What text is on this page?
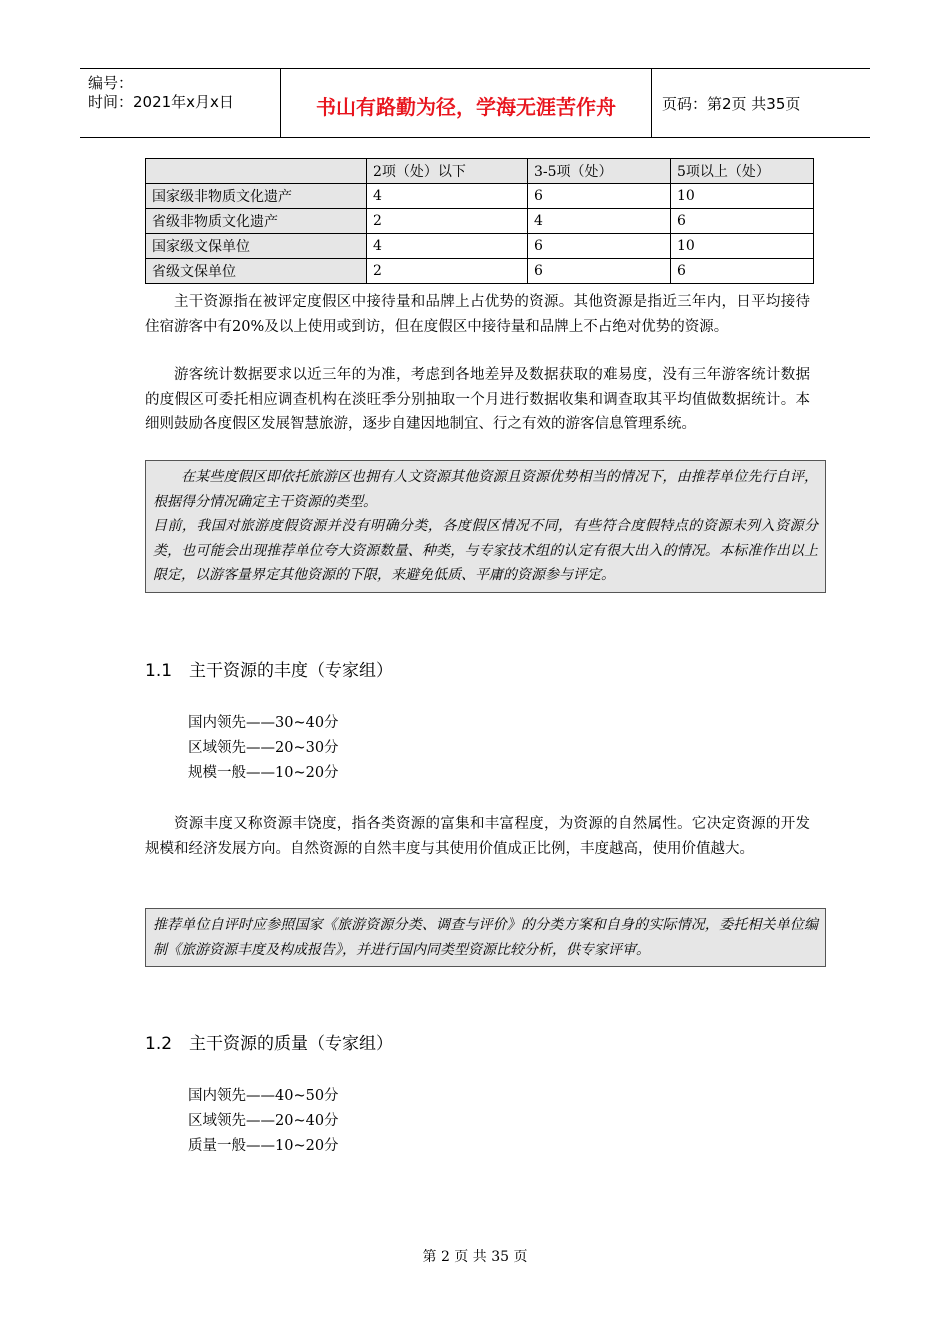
编号：
时间：2021年x月x日	书山有路勤为径，学海无涯苦作舟	页码：第2页 共35页
	2项（处）以下	3-5项（处）	5项以上（处）
国家级非物质文化遗产	4	6	10
省级非物质文化遗产	2	4	6
国家级文保单位	4	6	10
省级文保单位	2	6	6
主干资源指在被评定度假区中接待量和品牌上占优势的资源。其他资源是指近三年内，日平均接待住宿游客中有20%及以上使用或到访，但在度假区中接待量和品牌上不占绝对优势的资源。
游客统计数据要求以近三年的为准，考虑到各地差异及数据获取的难易度，没有三年游客统计数据的度假区可委托相应调查机构在淡旺季分别抽取一个月进行数据收集和调查取其平均值做数据统计。本细则鼓励各度假区发展智慧旅游，逐步自建因地制宜、行之有效的游客信息管理系统。

在某些度假区即依托旅游区也拥有人文资源其他资源且资源优势相当的情况下，由推荐单位先行自评，根据得分情况确定主干资源的类型。

目前，我国对旅游度假资源并没有明确分类，各度假区情况不同，有些符合度假特点的资源未列入资源分类，也可能会出现推荐单位夸大资源数量、种类，与专家技术组的认定有很大出入的情况。本标准作出以上限定，以游客量界定其他资源的下限，来避免低质、平庸的资源参与评定。

1.1 主干资源的丰度（专家组）
国内领先——30~40分
区域领先——20~30分
规模一般——10~20分
资源丰度又称资源丰饶度，指各类资源的富集和丰富程度，为资源的自然属性。它决定资源的开发规模和经济发展方向。自然资源的自然丰度与其使用价值成正比例，丰度越高，使用价值越大。

推荐单位自评时应参照国家《旅游资源分类、调查与评价》的分类方案和自身的实际情况，委托相关单位编制《旅游资源丰度及构成报告》，并进行国内同类型资源比较分析，供专家评审。

1.2 主干资源的质量（专家组）
国内领先——40~50分
区域领先——20~40分
质量一般——10~20分
第 2 页 共 35 页
